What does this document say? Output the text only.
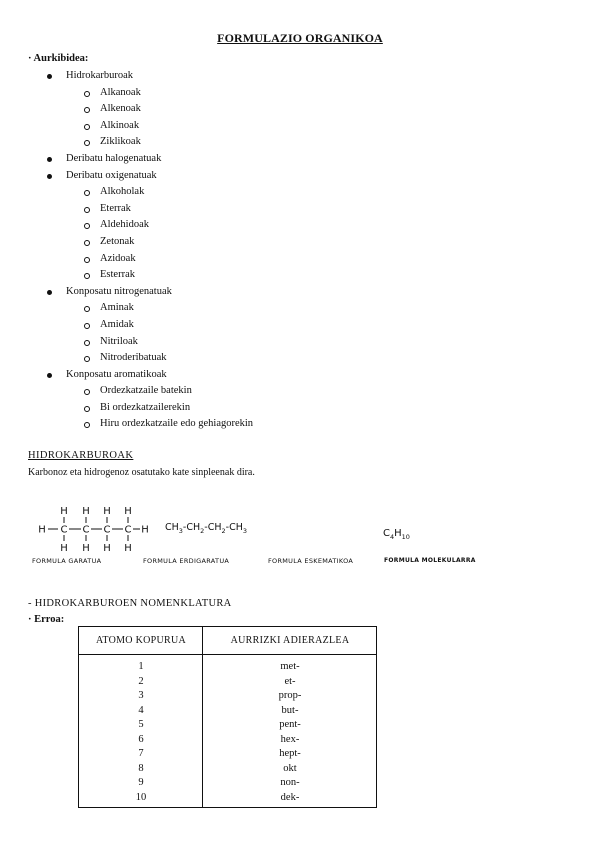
FORMULAZIO ORGANIKOA
· Aurkibidea:
Hidrokarburoak
Alkanoak
Alkenoak
Alkinoak
Ziklikoak
Deribatu halogenatuak
Deribatu oxigenatuak
Alkoholak
Eterrak
Aldehidoak
Zetonak
Azidoak
Esterrak
Konposatu nitrogenatuak
Aminak
Amidak
Nitriloak
Nitroderibatuak
Konposatu aromatikoak
Ordezkatzaile batekin
Bi ordezkatzailerekin
Hiru ordezkatzaile edo gehiagorekin
HIDROKARBUROAK
Karbonoz eta hidrogenoz osatutako kate sinpleenak dira.
H C
H
H
C
H
H
C
H
H
C
H
H
H $CH_3-CH_2-CH_2-CH_3$	$C_4H_{10}$
FORMULA GARATUA	FORMULA ERDIGARATUA	FORMULA ESKEMATIKOA	FORMULA MOLEKULARRA
- HIDROKARBUROEN NOMENKLATURA
· Erroa:
ATOMO KOPURUA	AURRIZKI ADIERAZLEA
1	met-
2	et-
3	prop-
4	but-
5	pent-
6	hex-
7	hept-
8	okt
9	non-
10	dek-
